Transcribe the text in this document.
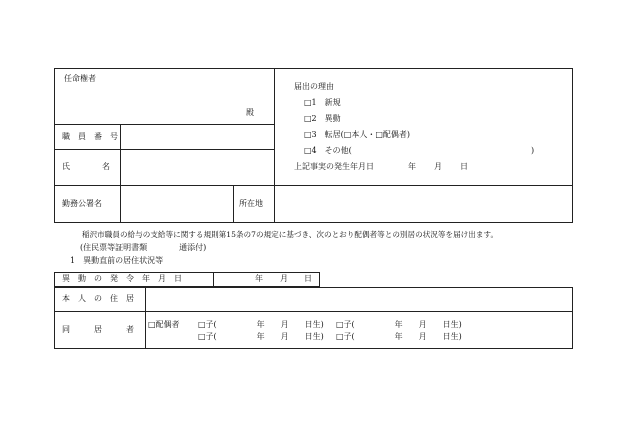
任命権者
殿
職　員　番　号
氏　　　　名
勤務公署名	所在地
届出の理由
□1　新規
□2　異動
□3　転居(□本人・□配偶者)
□4　その他(	)
上記事実の発生年月日	年 月 日
稲沢市職員の給与の支給等に関する規則第15条の7の規定に基づき、次のとおり配偶者等との別居の状況等を届け出ます。
(住民票等証明書類　　　　通添付)
1　異動直前の居住状況等
異　動　の　発　令　年　月　日	年 月 日
本　人　の　住　居
同　　　居　　　者
□配偶者 □子(　　　　　年　　月　　日生) □子(　　　　　年　　月　　日生)
□子(　　　　　年　　月　　日生) □子(　　　　　年　　月　　日生)
